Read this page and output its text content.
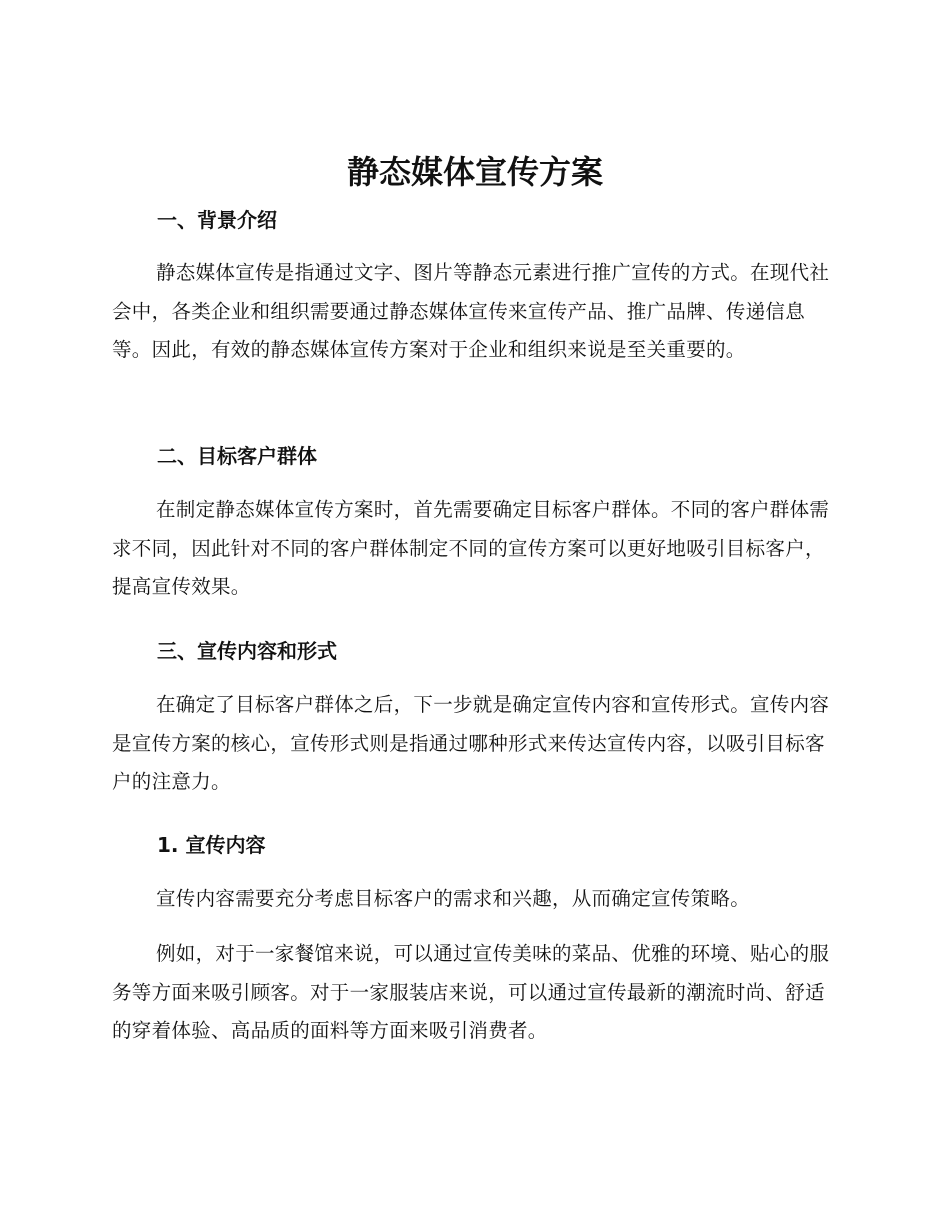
静态媒体宣传方案
一、背景介绍

静态媒体宣传是指通过文字、图片等静态元素进行推广宣传的方式。在现代社会中，各类企业和组织需要通过静态媒体宣传来宣传产品、推广品牌、传递信息等。因此，有效的静态媒体宣传方案对于企业和组织来说是至关重要的。

二、目标客户群体

在制定静态媒体宣传方案时，首先需要确定目标客户群体。不同的客户群体需求不同，因此针对不同的客户群体制定不同的宣传方案可以更好地吸引目标客户，提高宣传效果。

三、宣传内容和形式

在确定了目标客户群体之后，下一步就是确定宣传内容和宣传形式。宣传内容是宣传方案的核心，宣传形式则是指通过哪种形式来传达宣传内容，以吸引目标客户的注意力。

1. 宣传内容

宣传内容需要充分考虑目标客户的需求和兴趣，从而确定宣传策略。

例如，对于一家餐馆来说，可以通过宣传美味的菜品、优雅的环境、贴心的服务等方面来吸引顾客。对于一家服装店来说，可以通过宣传最新的潮流时尚、舒适的穿着体验、高品质的面料等方面来吸引消费者。
